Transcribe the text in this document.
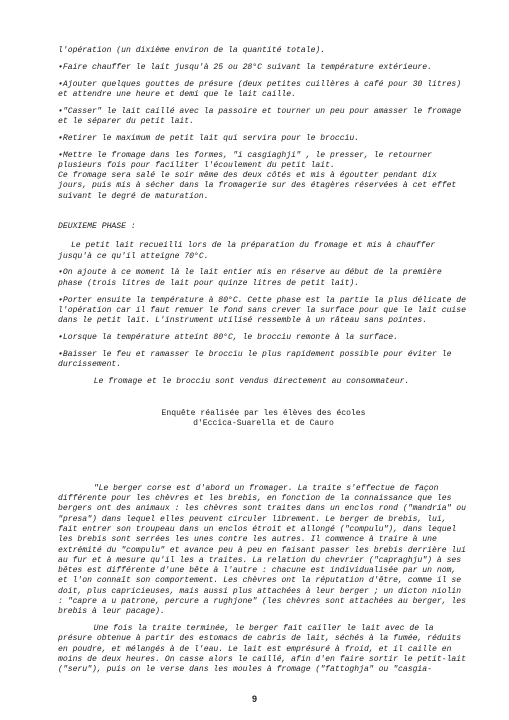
l'opération (un dixième environ de la quantité totale).

•Faire chauffer le lait jusqu'à 25 ou 28°C suivant la température extérieure.

•Ajouter quelques gouttes de présure (deux petites cuillères à café pour 30 litres) et attendre une heure et demi que le lait caille.

•"Casser" le lait caillé avec la passoire et tourner un peu pour amasser le fromage et le séparer du petit lait.

•Retirer le maximum de petit lait qui servira pour le brocciu.

•Mettre le fromage dans les formes, "i casgiaghji" , le presser, le retourner plusieurs fois pour faciliter l'écoulement du petit lait.

Ce fromage sera salé le soir même des deux côtés et mis à égoutter pendant dix jours, puis mis à sécher dans la fromagerie sur des étagères réservées à cet effet suivant le degré de maturation.

DEUXIEME PHASE :

Le petit lait recueilli lors de la préparation du fromage et mis à chauffer jusqu'à ce qu'il atteigne 70°C.

•On ajoute à ce moment là le lait entier mis en réserve au début de la première phase (trois litres de lait pour quinze litres de petit lait).

•Porter ensuite la température à 80°C. Cette phase est la partie la plus délicate de l'opération car il faut remuer le fond sans crever la surface pour que le lait cuise dans le petit lait. L'instrument utilisé ressemble à un râteau sans pointes.

•Lorsque la température atteint 80°C, le brocciu remonte à la surface.

•Baisser le feu et ramasser le brocciu le plus rapidement possible pour éviter le durcissement.

Le fromage et le brocciu sont vendus directement au consommateur.

Enquête réalisée par les élèves des écoles

d'Eccica-Suarella et de Cauro

"Le berger corse est d'abord un fromager. La traite s'effectue de façon différente pour les chèvres et les brebis, en fonction de la connaissance que les bergers ont des animaux : les chèvres sont traites dans un enclos rond ("mandria" ou "presa") dans lequel elles peuvent circuler librement. Le berger de brebis, lui, fait entrer son troupeau dans un enclos étroit et allongé ("compulu"), dans lequel les brebis sont serrées les unes contre les autres. Il commence à traire à une extrémité du "compulu" et avance peu à peu en faisant passer les brebis derrière lui au fur et à mesure qu'il les a traites. La relation du chevrier ("capraghju") à ses bêtes est différente d'une bête à l'autre : chacune est individualisée par un nom, et l'on connaît son comportement. Les chèvres ont la réputation d'être, comme il se doit, plus capricieuses, mais aussi plus attachées à leur berger ; un dicton niolin : "capre a u patrone, percure a rughjone" (les chèvres sont attachées au berger, les brebis à leur pacage).

Une fois la traite terminée, le berger fait cailler le lait avec de la présure obtenue à partir des estomacs de cabris de lait, séchés à la fumée, réduits en poudre, et mélangés à de l'eau. Le lait est emprésuré à froid, et il caille en moins de deux heures. On casse alors le caillé, afin d'en faire sortir le petit-lait ("seru"), puis on le verse dans les moules à fromage ("fattoghja" ou "casgia-

9
